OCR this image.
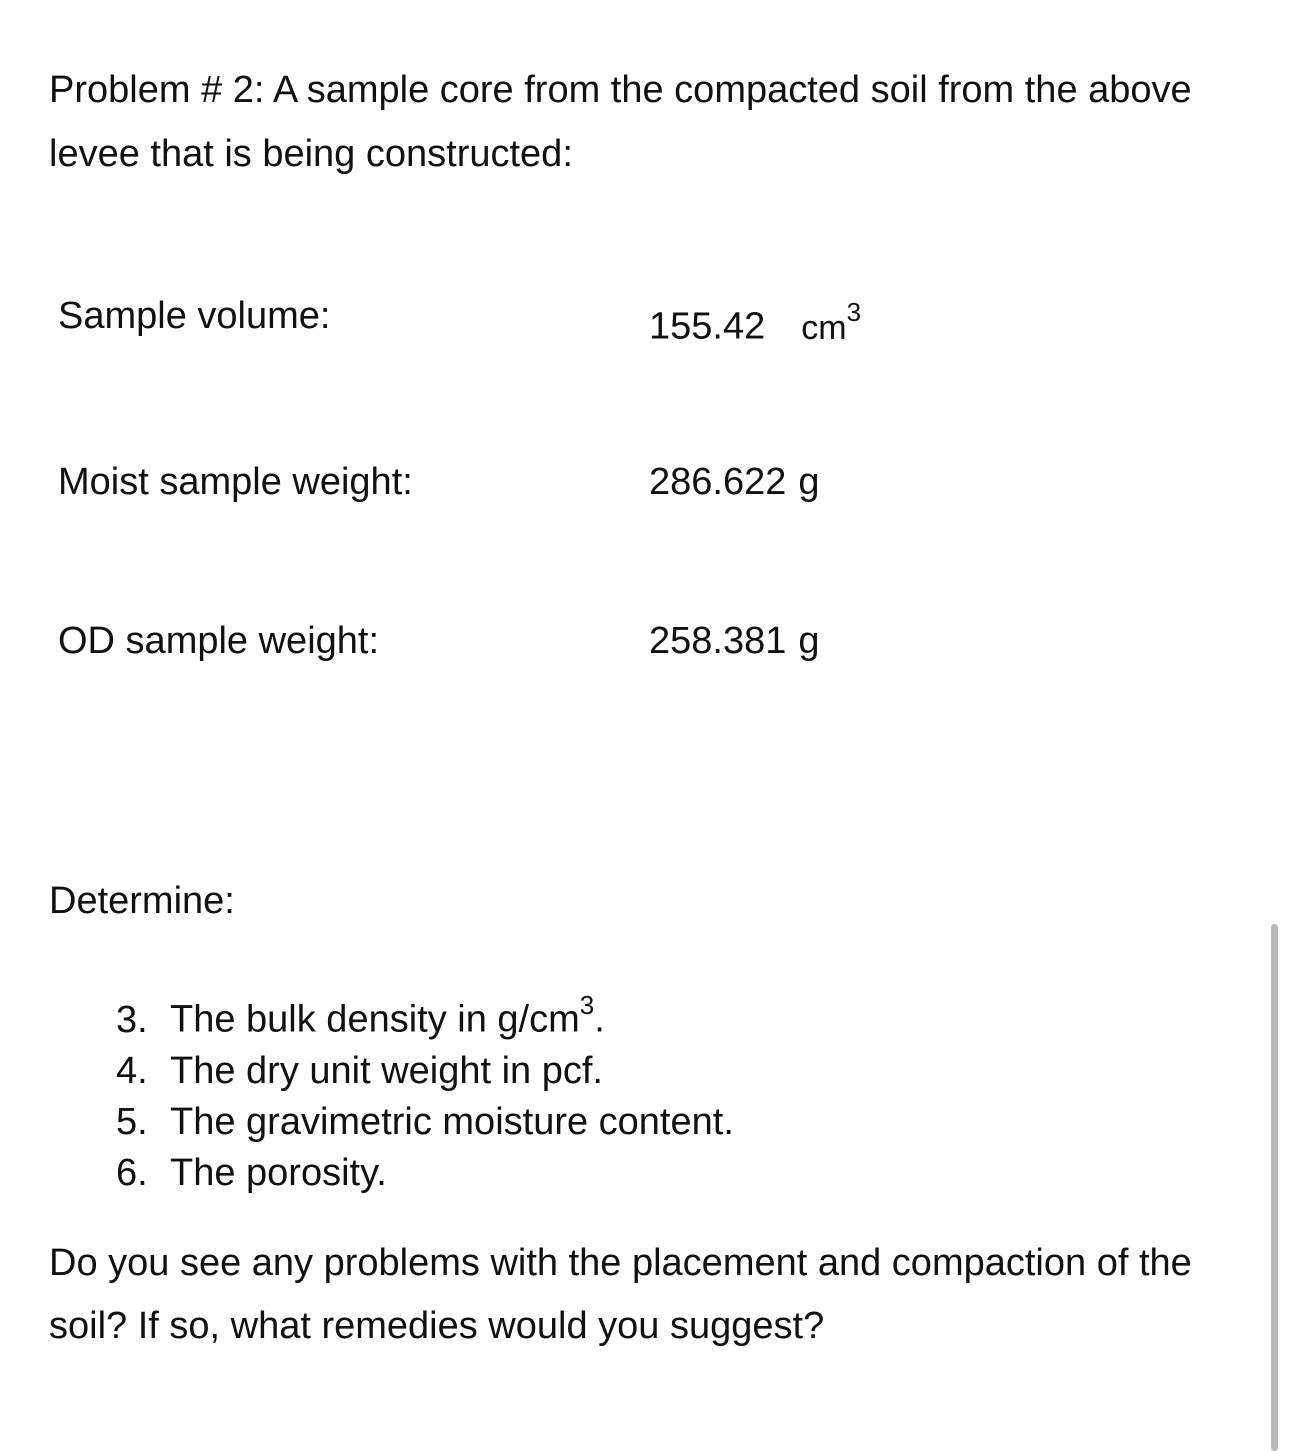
Problem # 2: A sample core from the compacted soil from the above levee that is being constructed:

Sample volume:	155.42 $cm^3$
Moist sample weight:	286.622 g
OD sample weight:	258.381 g
Determine:
3. The bulk density in $g/cm^3$.
4. The dry unit weight in pcf.
5. The gravimetric moisture content.
6. The porosity.

Do you see any problems with the placement and compaction of the soil? If so, what remedies would you suggest?
